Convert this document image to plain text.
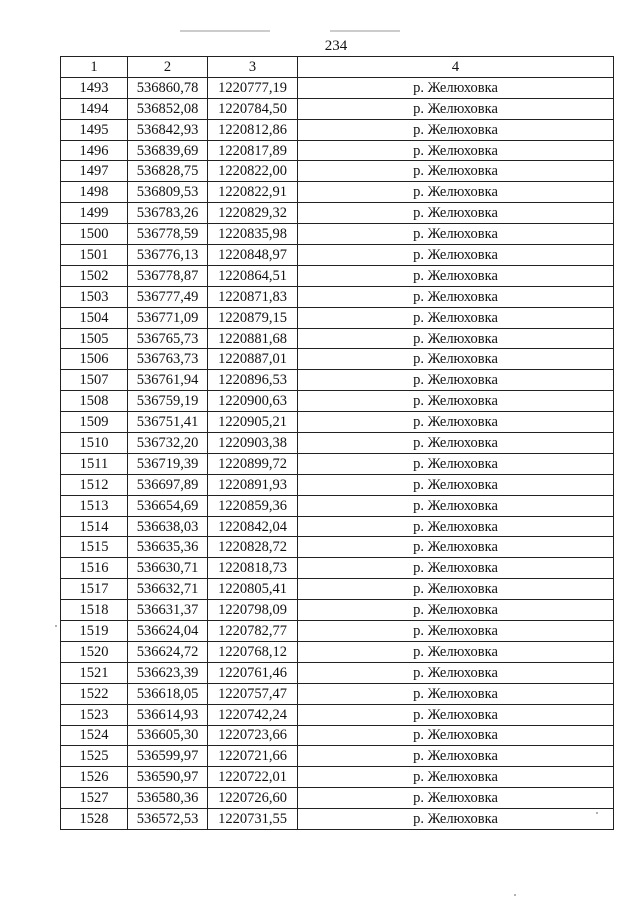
234
1	2	3	4
1493	536860,78	1220777,19	р. Желюховка
1494	536852,08	1220784,50	р. Желюховка
1495	536842,93	1220812,86	р. Желюховка
1496	536839,69	1220817,89	р. Желюховка
1497	536828,75	1220822,00	р. Желюховка
1498	536809,53	1220822,91	р. Желюховка
1499	536783,26	1220829,32	р. Желюховка
1500	536778,59	1220835,98	р. Желюховка
1501	536776,13	1220848,97	р. Желюховка
1502	536778,87	1220864,51	р. Желюховка
1503	536777,49	1220871,83	р. Желюховка
1504	536771,09	1220879,15	р. Желюховка
1505	536765,73	1220881,68	р. Желюховка
1506	536763,73	1220887,01	р. Желюховка
1507	536761,94	1220896,53	р. Желюховка
1508	536759,19	1220900,63	р. Желюховка
1509	536751,41	1220905,21	р. Желюховка
1510	536732,20	1220903,38	р. Желюховка
1511	536719,39	1220899,72	р. Желюховка
1512	536697,89	1220891,93	р. Желюховка
1513	536654,69	1220859,36	р. Желюховка
1514	536638,03	1220842,04	р. Желюховка
1515	536635,36	1220828,72	р. Желюховка
1516	536630,71	1220818,73	р. Желюховка
1517	536632,71	1220805,41	р. Желюховка
1518	536631,37	1220798,09	р. Желюховка
1519	536624,04	1220782,77	р. Желюховка
1520	536624,72	1220768,12	р. Желюховка
1521	536623,39	1220761,46	р. Желюховка
1522	536618,05	1220757,47	р. Желюховка
1523	536614,93	1220742,24	р. Желюховка
1524	536605,30	1220723,66	р. Желюховка
1525	536599,97	1220721,66	р. Желюховка
1526	536590,97	1220722,01	р. Желюховка
1527	536580,36	1220726,60	р. Желюховка
1528	536572,53	1220731,55	р. Желюховка
